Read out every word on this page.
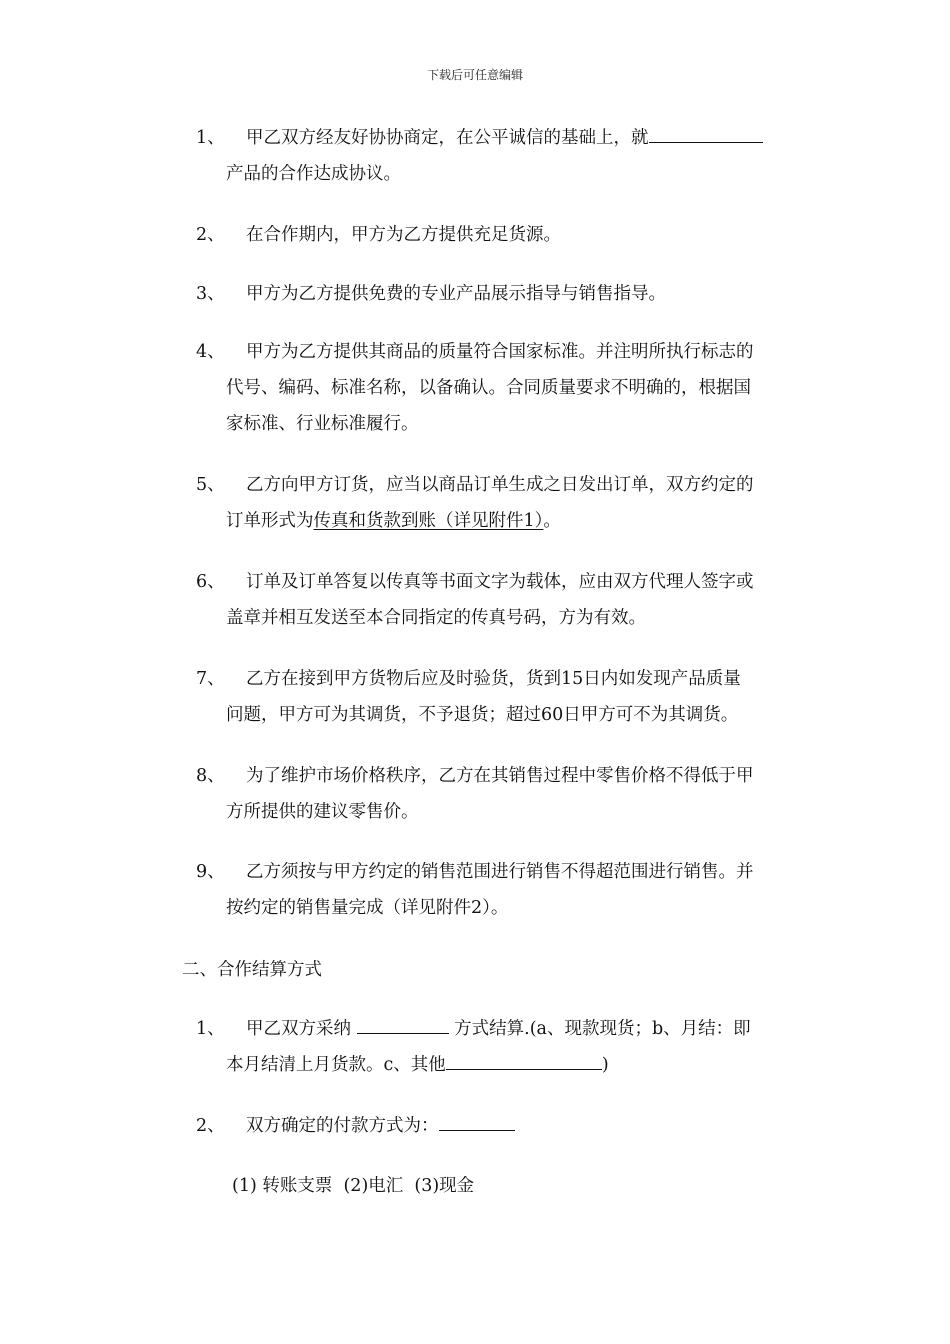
下载后可任意编辑
1、	甲乙双方经友好协协商定，在公平诚信的基础上，就
产品的合作达成协议。
2、	在合作期内，甲方为乙方提供充足货源。
3、	甲方为乙方提供免费的专业产品展示指导与销售指导。
4、	甲方为乙方提供其商品的质量符合国家标准。并注明所执行标志的
代号、编码、标准名称，以备确认。合同质量要求不明确的，根据国
家标准、行业标准履行。
5、	乙方向甲方订货，应当以商品订单生成之日发出订单，双方约定的
订单形式为传真和货款到账（详见附件1）。
6、	订单及订单答复以传真等书面文字为载体，应由双方代理人签字或
盖章并相互发送至本合同指定的传真号码，方为有效。
7、	乙方在接到甲方货物后应及时验货，货到15日内如发现产品质量
问题，甲方可为其调货，不予退货；超过60日甲方可不为其调货。
8、	为了维护市场价格秩序，乙方在其销售过程中零售价格不得低于甲
方所提供的建议零售价。
9、	乙方须按与甲方约定的销售范围进行销售不得超范围进行销售。并
按约定的销售量完成（详见附件2）。
二、合作结算方式
1、	甲乙双方采纳	方式结算.(a、现款现货；b、月结：即
本月结清上月货款。c、其他	)
2、	双方确定的付款方式为：
(1) 转账支票  (2)电汇  (3)现金
